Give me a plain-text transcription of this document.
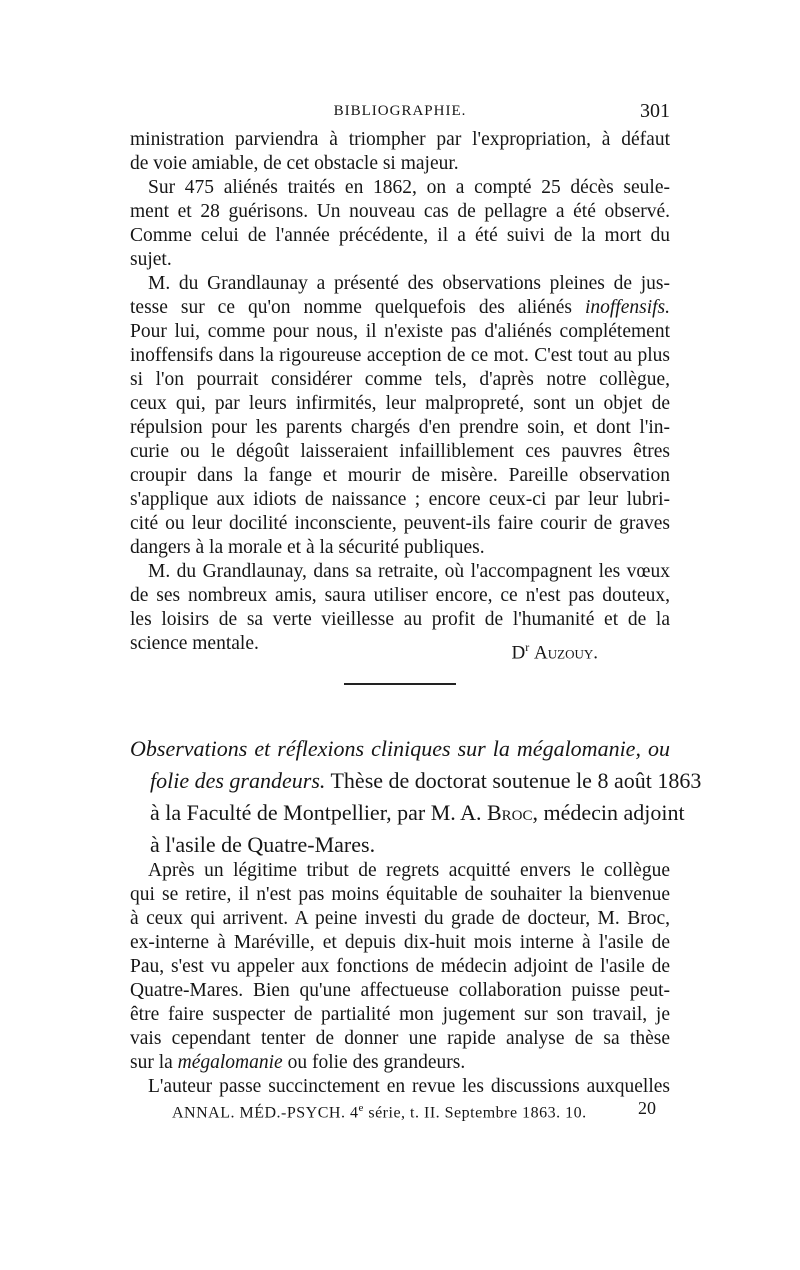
BIBLIOGRAPHIE.	301
ministration parviendra à triompher par l'expropriation, à défaut
de voie amiable, de cet obstacle si majeur.
Sur 475 aliénés traités en 1862, on a compté 25 décès seule-
ment et 28 guérisons. Un nouveau cas de pellagre a été observé.
Comme celui de l'année précédente, il a été suivi de la mort du
sujet.
M. du Grandlaunay a présenté des observations pleines de jus-
tesse sur ce qu'on nomme quelquefois des aliénés inoffensifs.
Pour lui, comme pour nous, il n'existe pas d'aliénés complétement
inoffensifs dans la rigoureuse acception de ce mot. C'est tout au plus
si l'on pourrait considérer comme tels, d'après notre collègue,
ceux qui, par leurs infirmités, leur malpropreté, sont un objet de
répulsion pour les parents chargés d'en prendre soin, et dont l'in-
curie ou le dégoût laisseraient infailliblement ces pauvres êtres
croupir dans la fange et mourir de misère. Pareille observation
s'applique aux idiots de naissance ; encore ceux-ci par leur lubri-
cité ou leur docilité inconsciente, peuvent-ils faire courir de graves
dangers à la morale et à la sécurité publiques.
M. du Grandlaunay, dans sa retraite, où l'accompagnent les vœux
de ses nombreux amis, saura utiliser encore, ce n'est pas douteux,
les loisirs de sa verte vieillesse au profit de l'humanité et de la
science mentale.	$D^r$ Auzouy.
Observations et réflexions cliniques sur la mégalomanie, ou
folie des grandeurs. Thèse de doctorat soutenue le 8 août 1863
à la Faculté de Montpellier, par M. A. Broc, médecin adjoint
à l'asile de Quatre-Mares.
Après un légitime tribut de regrets acquitté envers le collègue
qui se retire, il n'est pas moins équitable de souhaiter la bienvenue
à ceux qui arrivent. A peine investi du grade de docteur, M. Broc,
ex-interne à Maréville, et depuis dix-huit mois interne à l'asile de
Pau, s'est vu appeler aux fonctions de médecin adjoint de l'asile de
Quatre-Mares. Bien qu'une affectueuse collaboration puisse peut-
être faire suspecter de partialité mon jugement sur son travail, je
vais cependant tenter de donner une rapide analyse de sa thèse
sur la mégalomanie ou folie des grandeurs.
L'auteur passe succinctement en revue les discussions auxquelles
ANNAL. MÉD.-PSYCH. 4e série, t. II. Septembre 1863. 10.	20
